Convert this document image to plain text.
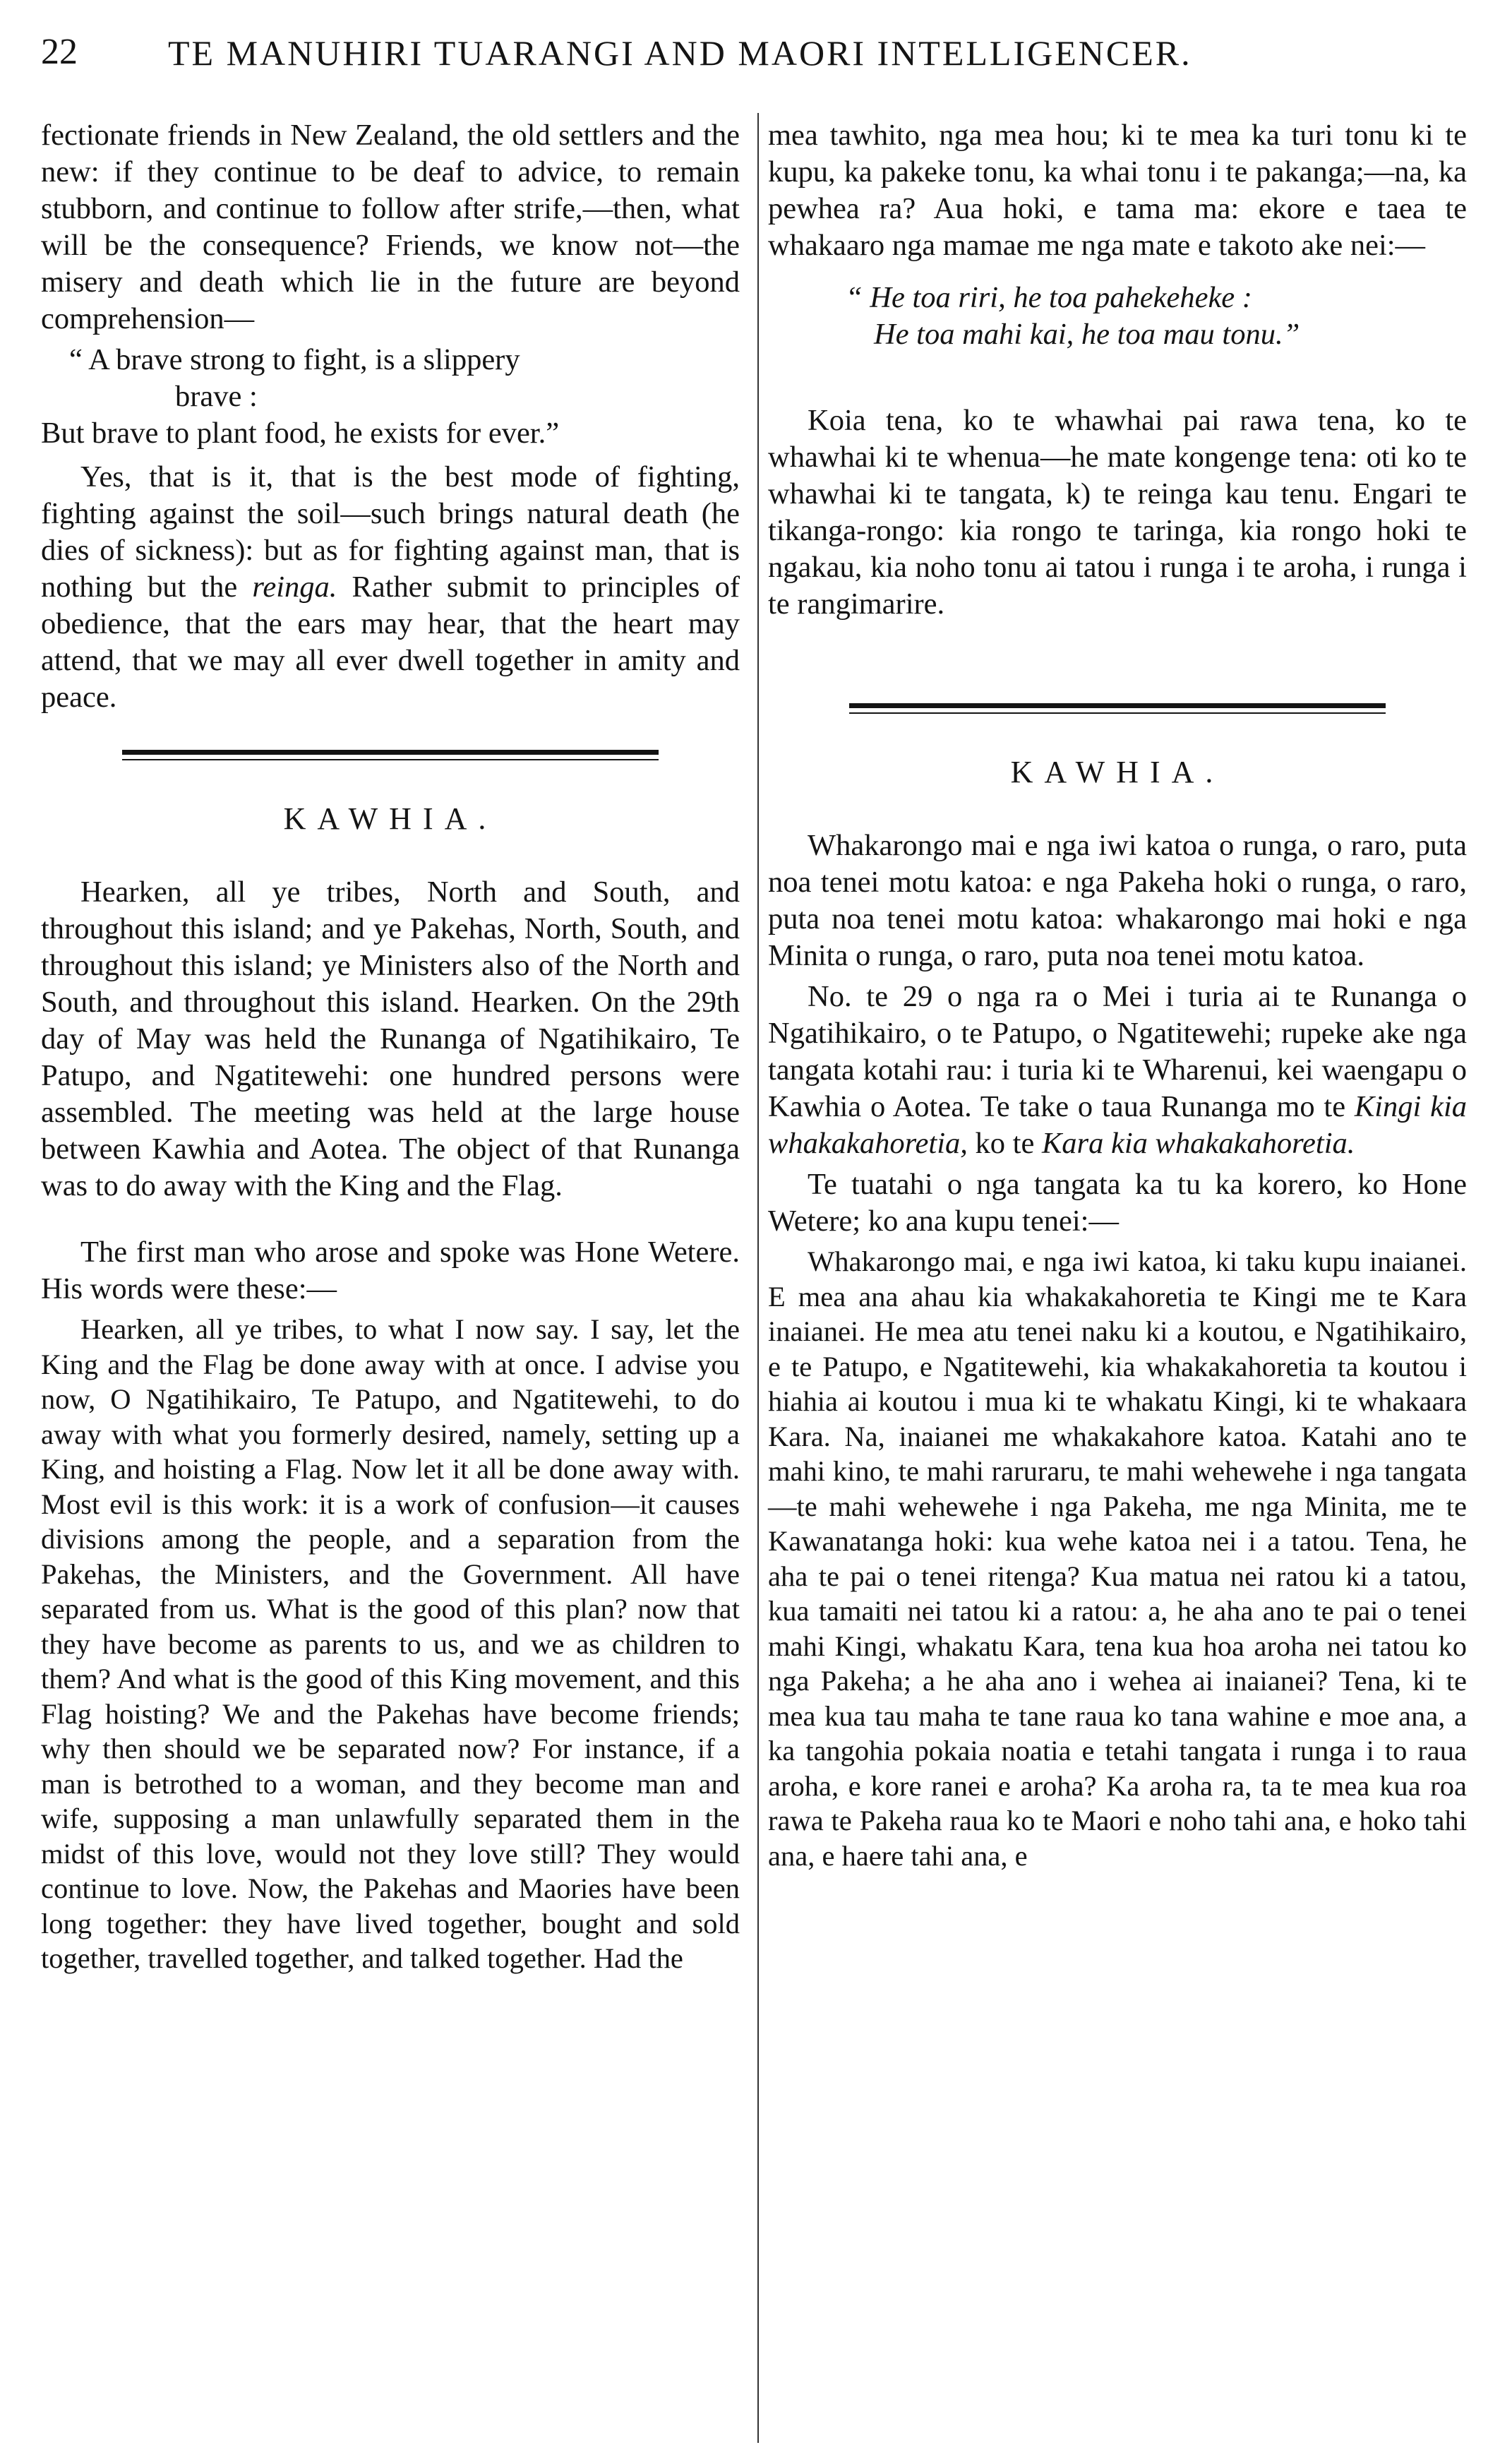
22	TE MANUHIRI TUARANGI AND MAORI INTELLIGENCER.

fectionate friends in New Zealand, the old settlers and the new: if they continue to be deaf to advice, to remain stubborn, and continue to follow after strife,—then, what will be the consequence? Friends, we know not—the misery and death which lie in the future are beyond comprehension—

“ A brave strong to fight, is a slippery
brave :
But brave to plant food, he exists for ever.”

Yes, that is it, that is the best mode of fighting, fighting against the soil—such brings natural death (he dies of sickness): but as for fighting against man, that is nothing but the reinga. Rather submit to principles of obedience, that the ears may hear, that the heart may attend, that we may all ever dwell together in amity and peace.

KAWHIA.

Hearken, all ye tribes, North and South, and throughout this island; and ye Pakehas, North, South, and throughout this island; ye Ministers also of the North and South, and throughout this island. Hearken. On the 29th day of May was held the Runanga of Ngatihikairo, Te Patupo, and Ngatitewehi: one hundred persons were assembled. The meeting was held at the large house between Kawhia and Aotea. The object of that Runanga was to do away with the King and the Flag.

The first man who arose and spoke was Hone Wetere. His words were these:—

Hearken, all ye tribes, to what I now say. I say, let the King and the Flag be done away with at once. I advise you now, O Ngatihikairo, Te Patupo, and Ngatitewehi, to do away with what you formerly desired, namely, setting up a King, and hoisting a Flag. Now let it all be done away with. Most evil is this work: it is a work of confusion—it causes divisions among the people, and a separation from the Pakehas, the Ministers, and the Government. All have separated from us. What is the good of this plan? now that they have become as parents to us, and we as children to them? And what is the good of this King movement, and this Flag hoisting? We and the Pakehas have become friends; why then should we be separated now? For instance, if a man is betrothed to a woman, and they become man and wife, supposing a man unlawfully separated them in the midst of this love, would not they love still? They would continue to love. Now, the Pakehas and Maories have been long together: they have lived together, bought and sold together, travelled together, and talked together. Had the

mea tawhito, nga mea hou; ki te mea ka turi tonu ki te kupu, ka pakeke tonu, ka whai tonu i te pakanga;—na, ka pewhea ra? Aua hoki, e tama ma: ekore e taea te whakaaro nga mamae me nga mate e takoto ake nei:—

“ He toa riri, he toa pahekeheke :
He toa mahi kai, he toa mau tonu.”

Koia tena, ko te whawhai pai rawa tena, ko te whawhai ki te whenua—he mate kongenge tena: oti ko te whawhai ki te tangata, k) te reinga kau tenu. Engari te tikanga-rongo: kia rongo te taringa, kia rongo hoki te ngakau, kia noho tonu ai tatou i runga i te aroha, i runga i te rangimarire.

KAWHIA.

Whakarongo mai e nga iwi katoa o runga, o raro, puta noa tenei motu katoa: e nga Pakeha hoki o runga, o raro, puta noa tenei motu katoa: whakarongo mai hoki e nga Minita o runga, o raro, puta noa tenei motu katoa.

No. te 29 o nga ra o Mei i turia ai te Runanga o Ngatihikairo, o te Patupo, o Ngatitewehi; rupeke ake nga tangata kotahi rau: i turia ki te Wharenui, kei waengapu o Kawhia o Aotea. Te take o taua Runanga mo te Kingi kia whakakahoretia, ko te Kara kia whakakahoretia.

Te tuatahi o nga tangata ka tu ka korero, ko Hone Wetere; ko ana kupu tenei:—

Whakarongo mai, e nga iwi katoa, ki taku kupu inaianei. E mea ana ahau kia whakakahoretia te Kingi me te Kara inaianei. He mea atu tenei naku ki a koutou, e Ngatihikairo, e te Patupo, e Ngatitewehi, kia whakakahoretia ta koutou i hiahia ai koutou i mua ki te whakatu Kingi, ki te whakaara Kara. Na, inaianei me whakakahore katoa. Katahi ano te mahi kino, te mahi raruraru, te mahi wehewehe i nga tangata—te mahi wehewehe i nga Pakeha, me nga Minita, me te Kawanatanga hoki: kua wehe katoa nei i a tatou. Tena, he aha te pai o tenei ritenga? Kua matua nei ratou ki a tatou, kua tamaiti nei tatou ki a ratou: a, he aha ano te pai o tenei mahi Kingi, whakatu Kara, tena kua hoa aroha nei tatou ko nga Pakeha; a he aha ano i wehea ai inaianei? Tena, ki te mea kua tau maha te tane raua ko tana wahine e moe ana, a ka tangohia pokaia noatia e tetahi tangata i runga i to raua aroha, e kore ranei e aroha? Ka aroha ra, ta te mea kua roa rawa te Pakeha raua ko te Maori e noho tahi ana, e hoko tahi ana, e haere tahi ana, e
